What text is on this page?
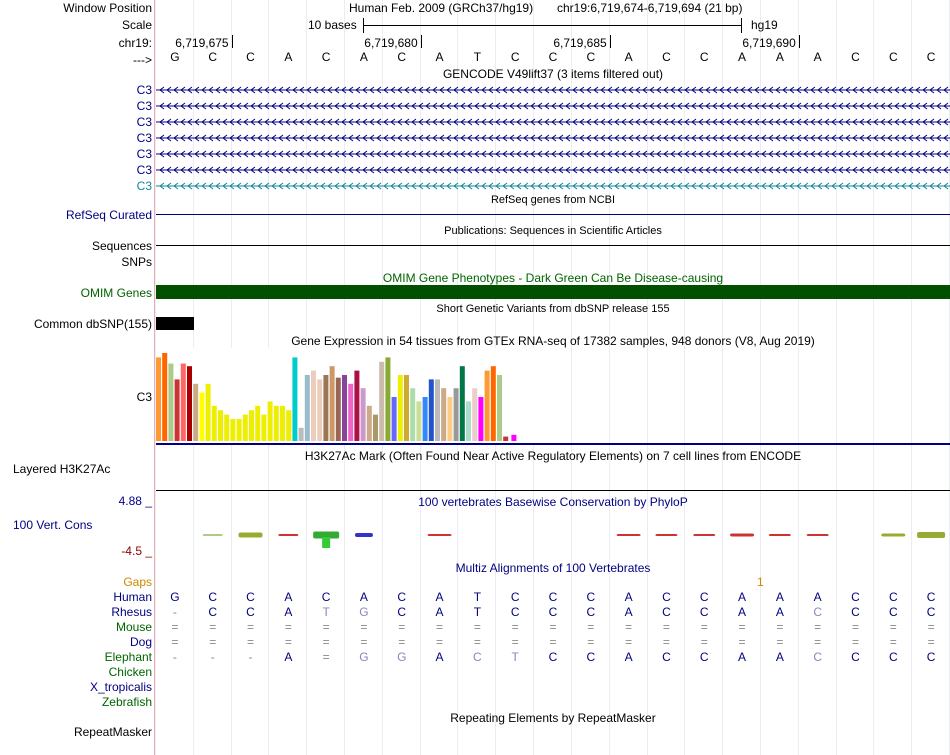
Window Position
Scale
chr19:
--->
Human Feb. 2009 (GRCh37/hg19) chr19:6,719,674-6,719,694 (21 bp)
10 bases	hg19
6,719,675	6,719,680	6,719,685	6,719,690
G	C	C	A	C	A	C	A	T	C	C	C	A	C	C	A	A	A	C	C	C
GENCODE V49lift37 (3 items filtered out)
RefSeq genes from NCBI
Publications: Sequences in Scientific Articles
OMIM Gene Phenotypes - Dark Green Can Be Disease-causing
Short Genetic Variants from dbSNP release 155
Gene Expression in 54 tissues from GTEx RNA-seq of 17382 samples, 948 donors (V8, Aug 2019)
H3K27Ac Mark (Often Found Near Active Regulatory Elements) on 7 cell lines from ENCODE
100 vertebrates Basewise Conservation by PhyloP
Multiz Alignments of 100 Vertebrates
Repeating Elements by RepeatMasker
C3
C3
C3
C3
C3
C3
C3
RefSeq Curated
Sequences
SNPs
OMIM Genes
Common dbSNP(155)
C3
Layered H3K27Ac
4.88 _
100 Vert. Cons
-4.5 _
Gaps	1
Human	G	C	C	A	C	A	C	A	T	C	C	C	A	C	C	A	A	A	C	C	C
Rhesus	-	C	C	A	T	G	C	A	T	C	C	C	A	C	C	A	A	C	C	C	C
Mouse	=	=	=	=	=	=	=	=	=	=	=	=	=	=	=	=	=	=	=	=	=
Dog	=	=	=	=	=	=	=	=	=	=	=	=	=	=	=	=	=	=	=	=	=
Elephant	-	-	-	A	=	G	G	A	C	T	C	C	A	C	C	A	A	C	C	C	C
Chicken
X_tropicalis
Zebrafish
RepeatMasker
